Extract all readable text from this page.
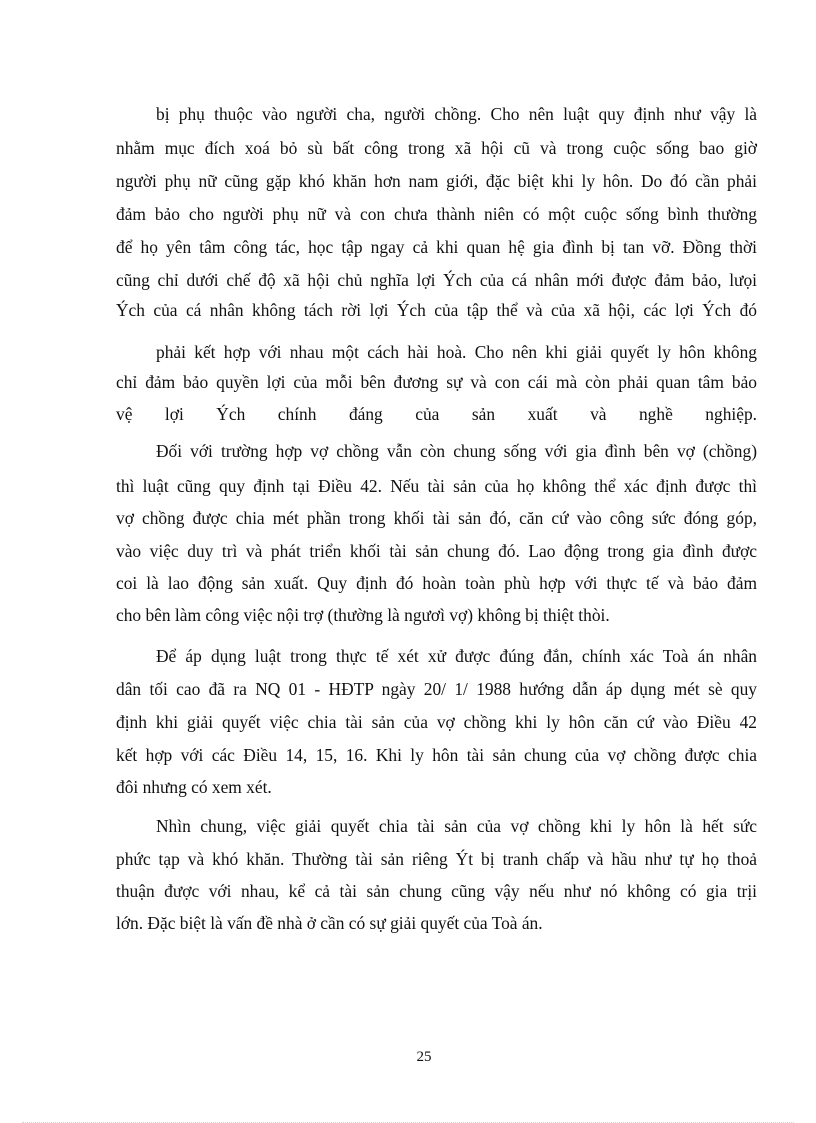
bị phụ thuộc vào người cha, người chồng. Cho nên luật quy định như vậy là
nhằm mục đích xoá bỏ sù bất công trong xã hội cũ và trong cuộc sống bao giờ
người phụ nữ cũng gặp khó khăn hơn nam giới, đặc biệt khi ly hôn. Do đó cần phải
đảm bảo cho người phụ nữ và con chưa thành niên có một cuộc sống bình thường
để họ yên tâm công tác, học tập ngay cả khi quan hệ gia đình bị tan vỡ. Đồng thời
cũng chỉ dưới chế độ xã hội chủ nghĩa lợi Ých của cá nhân mới được đảm bảo, lưọi
Ých của cá nhân không tách rời lợi Ých của tập thể và của xã hội, các lợi Ých đó
phải kết hợp với nhau một cách hài hoà. Cho nên khi giải quyết ly hôn không
chỉ đảm bảo quyền lợi của mỗi bên đương sự và con cái mà còn phải quan tâm bảo
vệ lợi Ých chính đáng của sản xuất và nghề nghiệp.
Đối với trường hợp vợ chồng vẫn còn chung sống với gia đình bên vợ (chồng)
thì luật cũng quy định tại Điều 42. Nếu tài sản của họ không thể xác định được thì
vợ chồng được chia mét phần trong khối tài sản đó, căn cứ vào công sức đóng góp,
vào việc duy trì và phát triển khối tài sản chung đó. Lao động trong gia đình được
coi là lao động sản xuất. Quy định đó hoàn toàn phù hợp với thực tế và bảo đảm
cho bên làm công việc nội trợ (thường là ngươì vợ) không bị thiệt thòi.
Để áp dụng luật trong thực tế xét xử được đúng đắn, chính xác Toà án nhân
dân tối cao đã ra NQ 01 - HĐTP ngày 20/ 1/ 1988 hướng dẫn áp dụng mét sè quy
định khi giải quyết việc chia tài sản của vợ chồng khi ly hôn căn cứ vào Điều 42
kết hợp với các Điều 14, 15, 16. Khi ly hôn tài sản chung của vợ chồng được chia
đôi nhưng có xem xét.
Nhìn chung, việc giải quyết chia tài sản của vợ chồng khi ly hôn là hết sức
phức tạp và khó khăn. Thường tài sản riêng Ýt bị tranh chấp và hầu như tự họ thoả
thuận được với nhau, kể cả tài sản chung cũng vậy nếu như nó không có gia trịi
lớn. Đặc biệt là vấn đề nhà ở cần có sự giải quyết của Toà án.
25
